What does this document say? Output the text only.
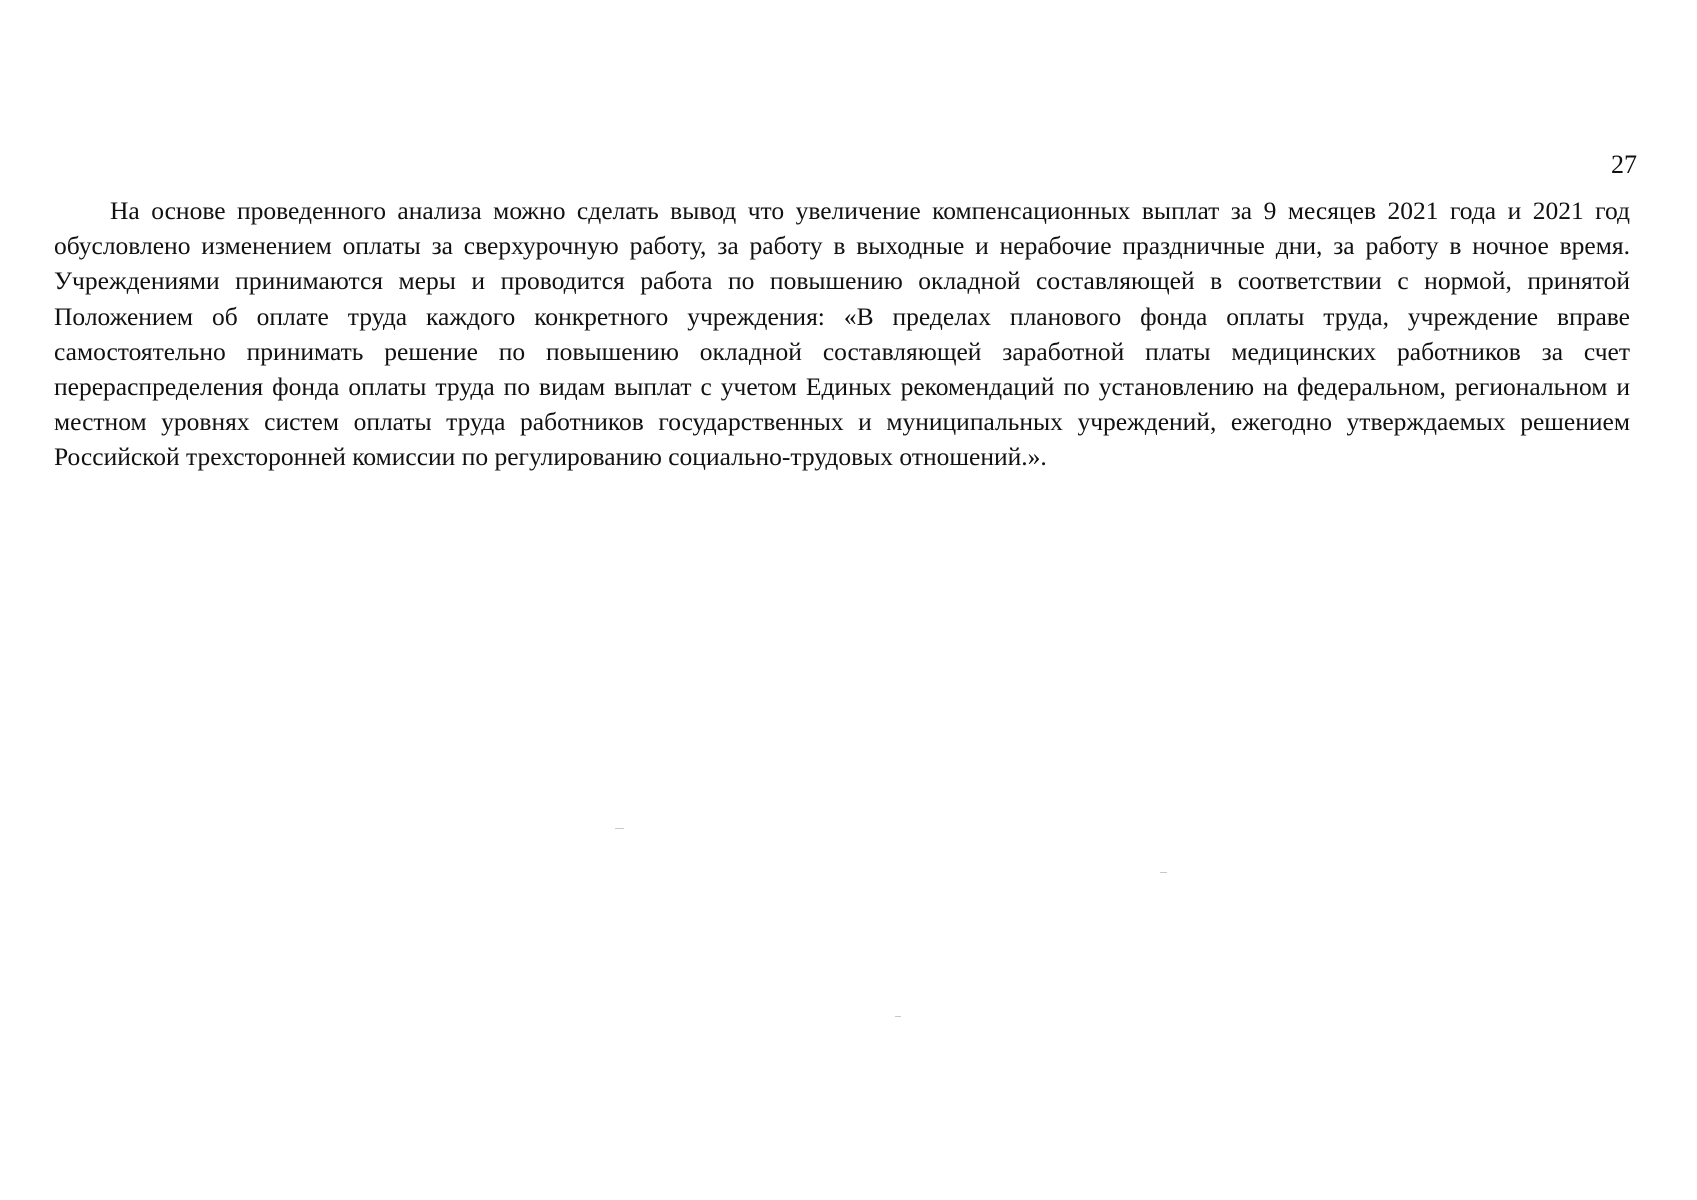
27

На основе проведенного анализа можно сделать вывод что увеличение компенсационных выплат за 9 месяцев 2021 года и 2021 год обусловлено изменением оплаты за сверхурочную работу, за работу в выходные и нерабочие праздничные дни, за работу в ночное время. Учреждениями принимаются меры и проводится работа по повышению окладной составляющей в соответствии с нормой, принятой Положением об оплате труда каждого конкретного учреждения: «В пределах планового фонда оплаты труда, учреждение вправе самостоятельно принимать решение по повышению окладной составляющей заработной платы медицинских работников за счет перераспределения фонда оплаты труда по видам выплат с учетом Единых рекомендаций по установлению на федеральном, региональном и местном уровнях систем оплаты труда работников государственных и муниципальных учреждений, ежегодно утверждаемых решением Российской трехсторонней комиссии по регулированию социально-трудовых отношений.».
